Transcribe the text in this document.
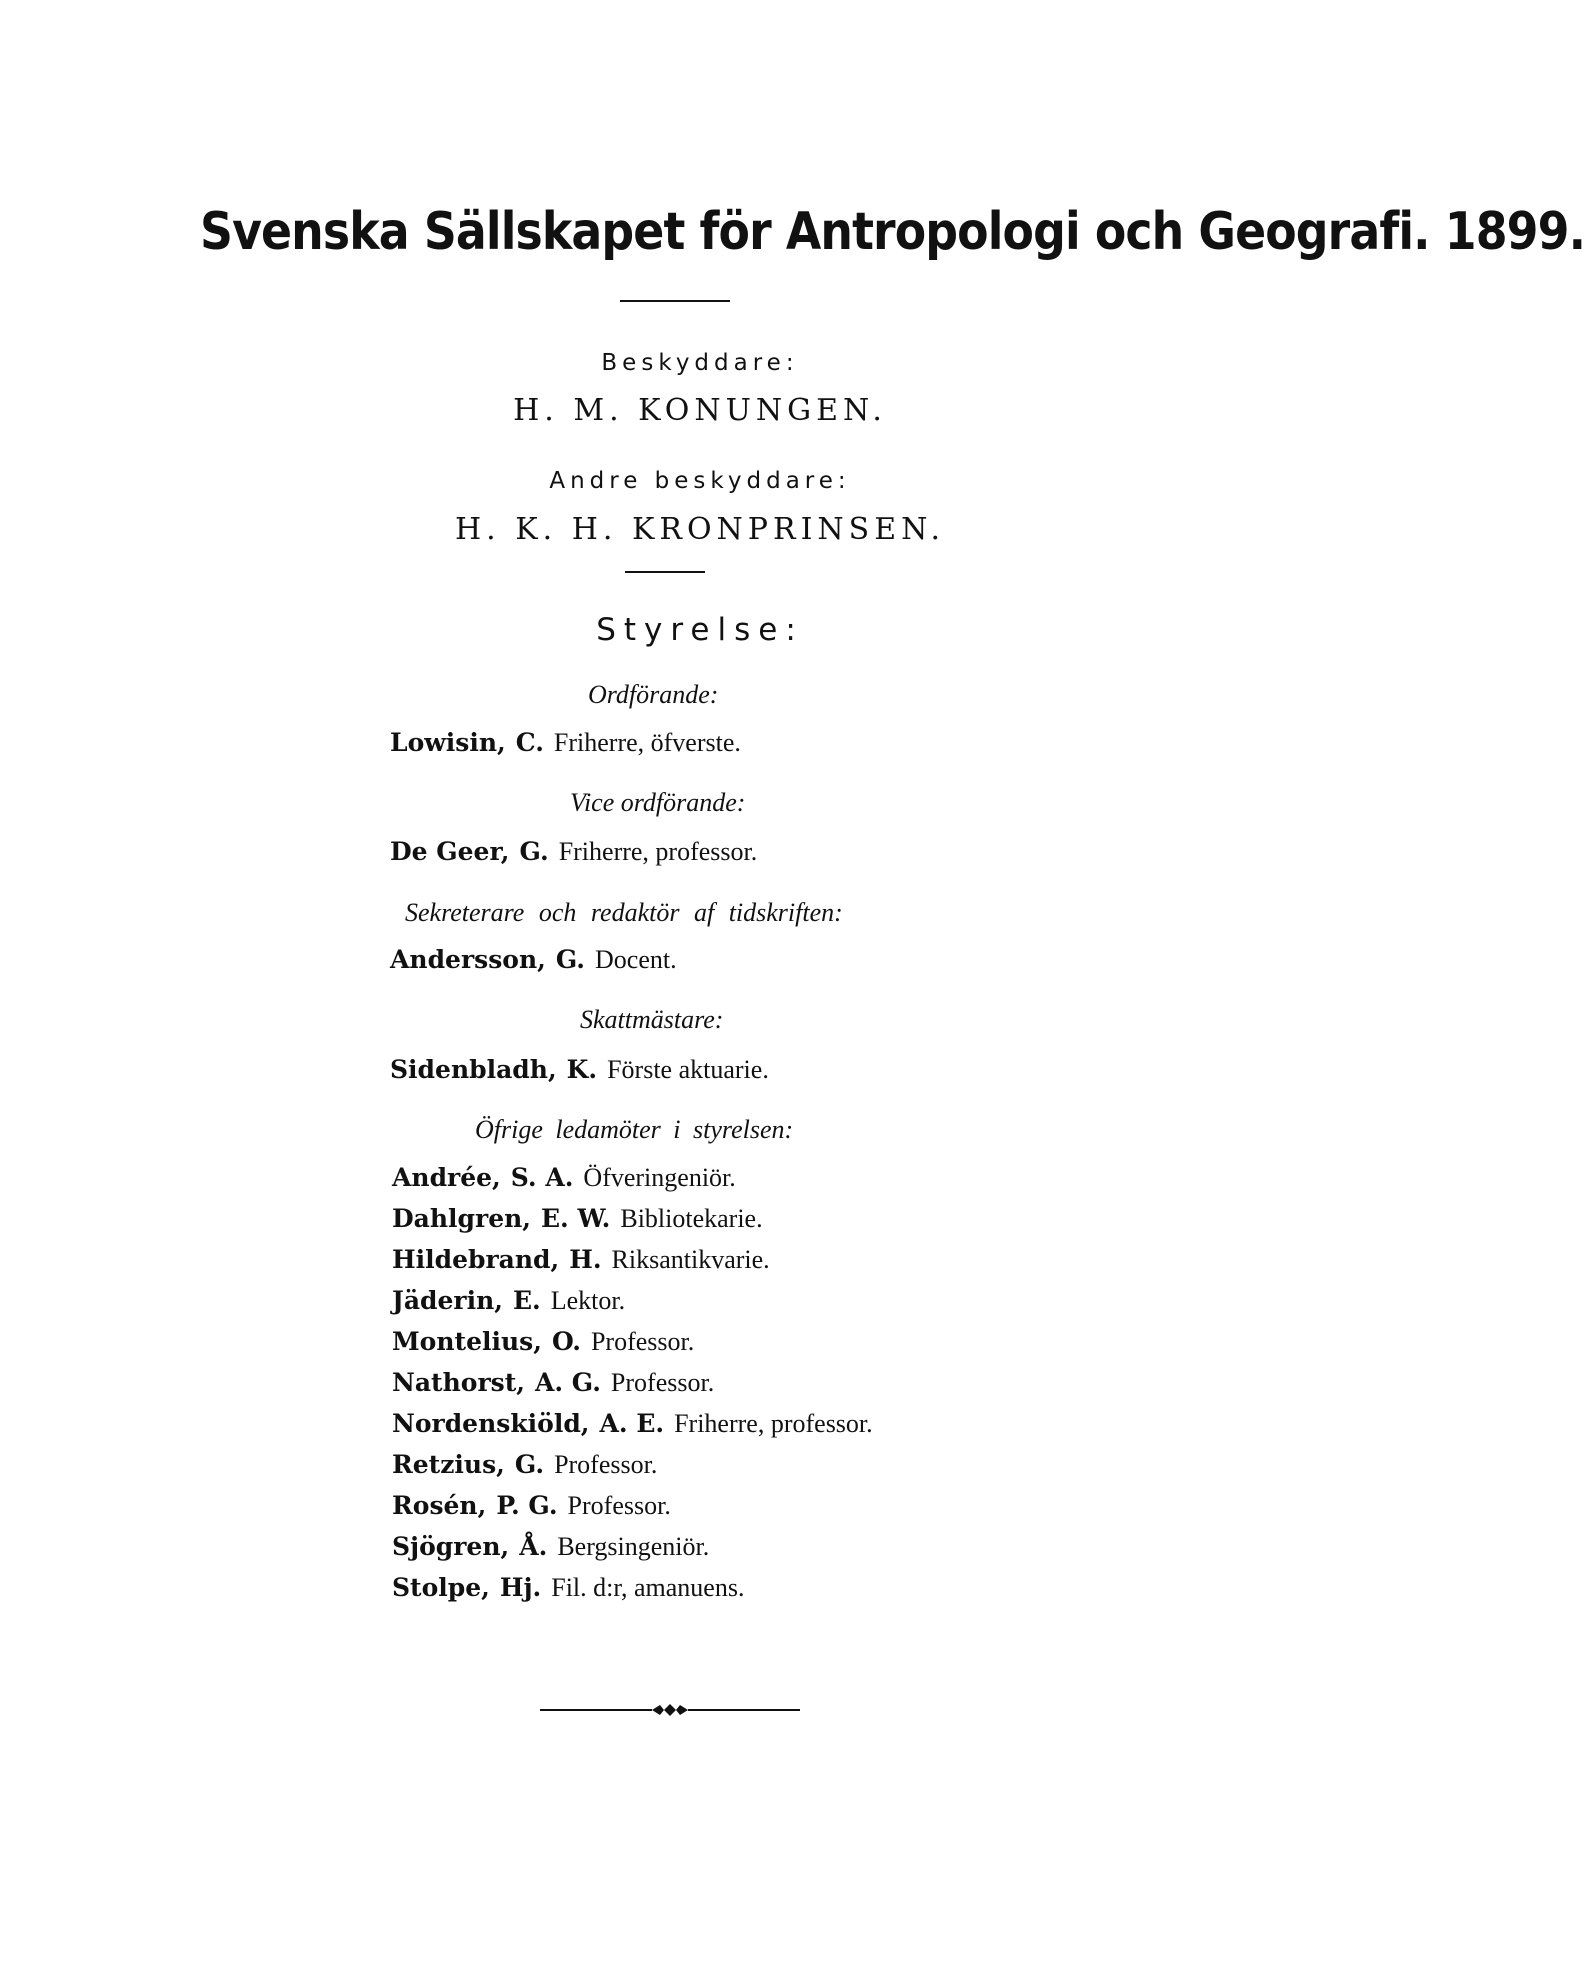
Svenska Sällskapet för Antropologi och Geografi. 1899.
Beskyddare:
H. M. KONUNGEN.
Andre beskyddare:
H. K. H. KRONPRINSEN.
Styrelse:
Ordförande:
Lowisin, C. Friherre, öfverste.
Vice ordförande:
De Geer, G. Friherre, professor.
Sekreterare och redaktör af tidskriften:
Andersson, G. Docent.
Skattmästare:
Sidenbladh, K. Förste aktuarie.
Öfrige ledamöter i styrelsen:
Andrée, S. A. Öfveringeniör.
Dahlgren, E. W. Bibliotekarie.
Hildebrand, H. Riksantikvarie.
Jäderin, E. Lektor.
Montelius, O. Professor.
Nathorst, A. G. Professor.
Nordenskiöld, A. E. Friherre, professor.
Retzius, G. Professor.
Rosén, P. G. Professor.
Sjögren, Å. Bergsingeniör.
Stolpe, Hj. Fil. d:r, amanuens.
